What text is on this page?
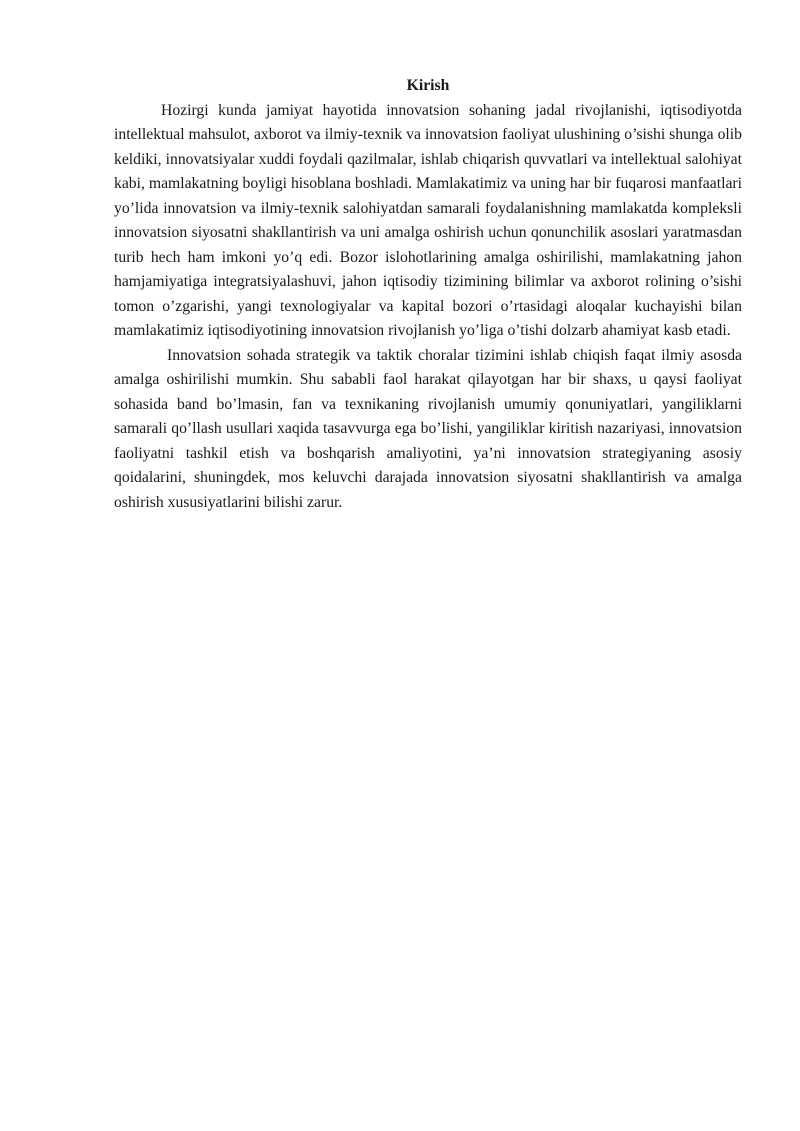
Kirish

Hozirgi kunda jamiyat hayotida innovatsion sohaning jadal rivojlanishi, iqtisodiyotda intellektual mahsulot, axborot va ilmiy-texnik va innovatsion faoliyat ulushining o’sishi shunga olib keldiki, innovatsiyalar xuddi foydali qazilmalar, ishlab chiqarish quvvatlari va intellektual salohiyat kabi, mamlakatning boyligi hisoblana boshladi. Mamlakatimiz va uning har bir fuqarosi manfaatlari yo’lida innovatsion va ilmiy-texnik salohiyatdan samarali foydalanishning mamlakatda kompleksli innovatsion siyosatni shakllantirish va uni amalga oshirish uchun qonunchilik asoslari yaratmasdan turib hech ham imkoni yo’q edi. Bozor islohotlarining amalga oshirilishi, mamlakatning jahon hamjamiyatiga integratsiyalashuvi, jahon iqtisodiy tizimining bilimlar va axborot rolining o’sishi tomon o’zgarishi, yangi texnologiyalar va kapital bozori o’rtasidagi aloqalar kuchayishi bilan mamlakatimiz iqtisodiyotining innovatsion rivojlanish yo’liga o’tishi dolzarb ahamiyat kasb etadi.

Innovatsion sohada strategik va taktik choralar tizimini ishlab chiqish faqat ilmiy asosda amalga oshirilishi mumkin. Shu sababli faol harakat qilayotgan har bir shaxs, u qaysi faoliyat sohasida band bo’lmasin, fan va texnikaning rivojlanish umumiy qonuniyatlari, yangiliklarni samarali qo’llash usullari xaqida tasavvurga ega bo’lishi, yangiliklar kiritish nazariyasi, innovatsion faoliyatni tashkil etish va boshqarish amaliyotini, ya’ni innovatsion strategiyaning asosiy qoidalarini, shuningdek, mos keluvchi darajada innovatsion siyosatni shakllantirish va amalga oshirish xususiyatlarini bilishi zarur.
